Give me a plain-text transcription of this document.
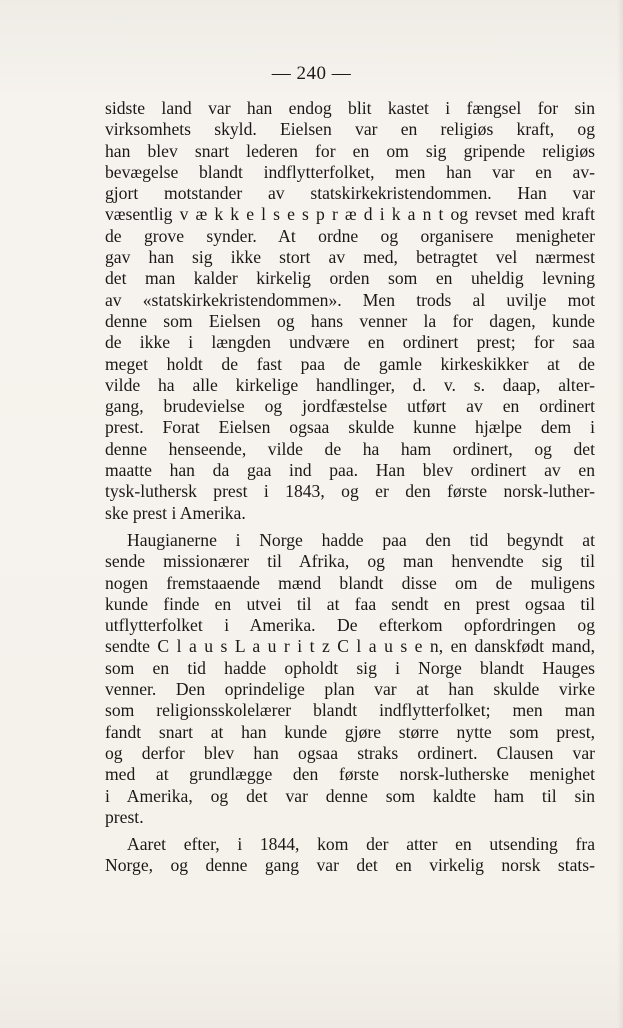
— 240 —
sidste land var han endog blit kastet i fængsel for sin
virksomhets skyld. Eielsen var en religiøs kraft, og
han blev snart lederen for en om sig gripende religiøs
bevægelse blandt indflytterfolket, men han var en av-
gjort motstander av statskirkekristendommen. Han var
væsentlig v æ k k e l s e s p r æ d i k a n t og revset med kraft
de grove synder. At ordne og organisere menigheter
gav han sig ikke stort av med, betragtet vel nærmest
det man kalder kirkelig orden som en uheldig levning
av «statskirkekristendommen». Men trods al uvilje mot
denne som Eielsen og hans venner la for dagen, kunde
de ikke i længden undvære en ordinert prest; for saa
meget holdt de fast paa de gamle kirkeskikker at de
vilde ha alle kirkelige handlinger, d. v. s. daap, alter-
gang, brudevielse og jordfæstelse utført av en ordinert
prest. Forat Eielsen ogsaa skulde kunne hjælpe dem i
denne henseende, vilde de ha ham ordinert, og det
maatte han da gaa ind paa. Han blev ordinert av en
tysk-luthersk prest i 1843, og er den første norsk-luther-
ske prest i Amerika.
Haugianerne i Norge hadde paa den tid begyndt at
sende missionærer til Afrika, og man henvendte sig til
nogen fremstaaende mænd blandt disse om de muligens
kunde finde en utvei til at faa sendt en prest ogsaa til
utflytterfolket i Amerika. De efterkom opfordringen og
sendte C l a u s L a u r i t z C l a u s e n, en danskfødt mand,
som en tid hadde opholdt sig i Norge blandt Hauges
venner. Den oprindelige plan var at han skulde virke
som religionsskolelærer blandt indflytterfolket; men man
fandt snart at han kunde gjøre større nytte som prest,
og derfor blev han ogsaa straks ordinert. Clausen var
med at grundlægge den første norsk-lutherske menighet
i Amerika, og det var denne som kaldte ham til sin
prest.
Aaret efter, i 1844, kom der atter en utsending fra
Norge, og denne gang var det en virkelig norsk stats-
